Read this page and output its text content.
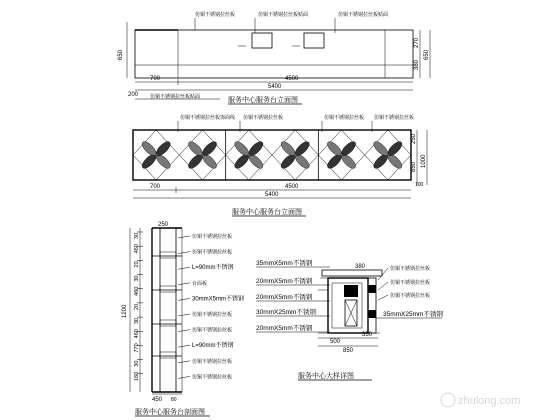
仿铜不锈钢拉丝板	仿铜不锈钢拉丝板贴面	仿铜不锈钢拉丝板贴面
650
270
380
650
700	4500
5400
200 仿铜不锈钢拉丝板贴面	服务中心服务台立面图
仿铜不锈钢拉丝板饰面线 仿铜不锈钢拉丝板	仿铜不锈钢拉丝板 仿铜不锈钢拉丝板
250
850 1000
100
700	4500
5400
服务中心服务台立面图
30
460
20
30
460
20
30
460
770
30
160
1200
250
450 80
仿铜不锈钢拉丝板
仿铜不锈钢拉丝板
L=90mm不锈钢
台面板
30mmX5mm不锈钢
仿铜不锈钢拉丝板
仿铜不锈钢拉丝板
L=90mm不锈钢
仿铜不锈钢拉丝板
仿铜不锈钢拉丝板
服务中心服务台剖面图
380
35mmX5mm不锈钢
20mmX5mm不锈钢
20mmX5mm不锈钢
30mmX25mm不锈钢
20mmX5mm不锈钢
35mmX25mm不锈钢
仿铜不锈钢拉丝板
仿铜不锈钢拉丝板
仿铜不锈钢拉丝板
500
350
850
服务中心大样详图
zhulong.com
